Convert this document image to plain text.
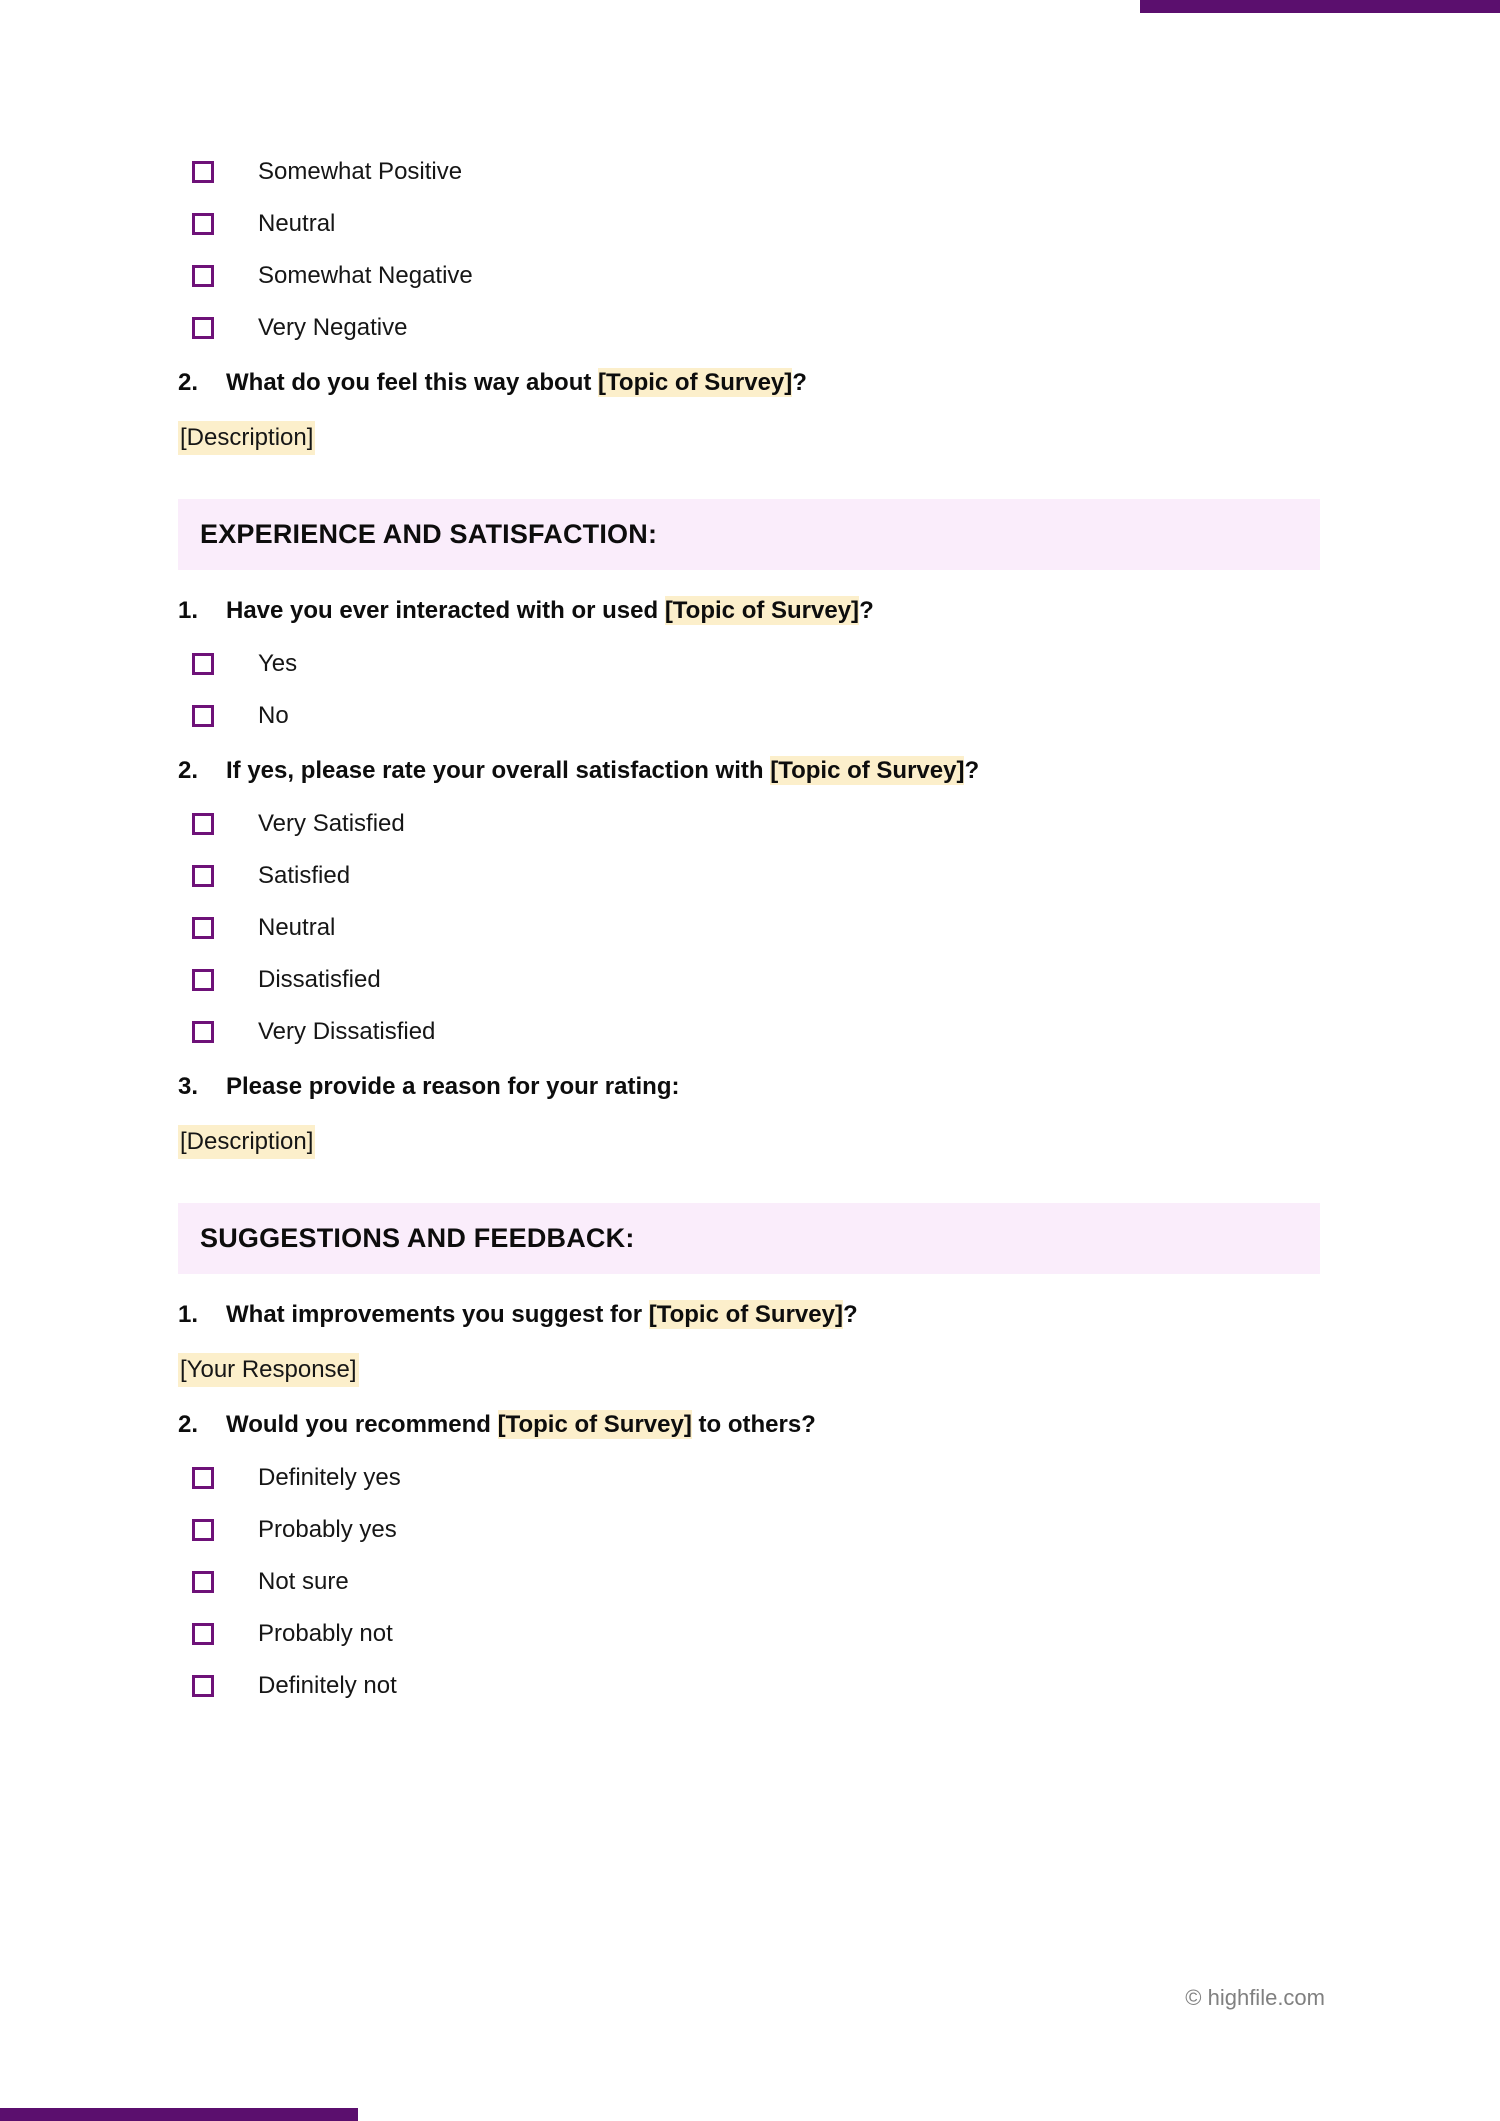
Somewhat Positive
Neutral
Somewhat Negative
Very Negative
2.	What do you feel this way about [Topic of Survey]?
[Description]
EXPERIENCE AND SATISFACTION:
1.	Have you ever interacted with or used [Topic of Survey]?
Yes
No
2.	If yes, please rate your overall satisfaction with [Topic of Survey]?
Very Satisfied
Satisfied
Neutral
Dissatisfied
Very Dissatisfied
3.	Please provide a reason for your rating:
[Description]
SUGGESTIONS AND FEEDBACK:
1.	What improvements you suggest for [Topic of Survey]?
[Your Response]
2.	Would you recommend [Topic of Survey] to others?
Definitely yes
Probably yes
Not sure
Probably not
Definitely not
© highfile.com
